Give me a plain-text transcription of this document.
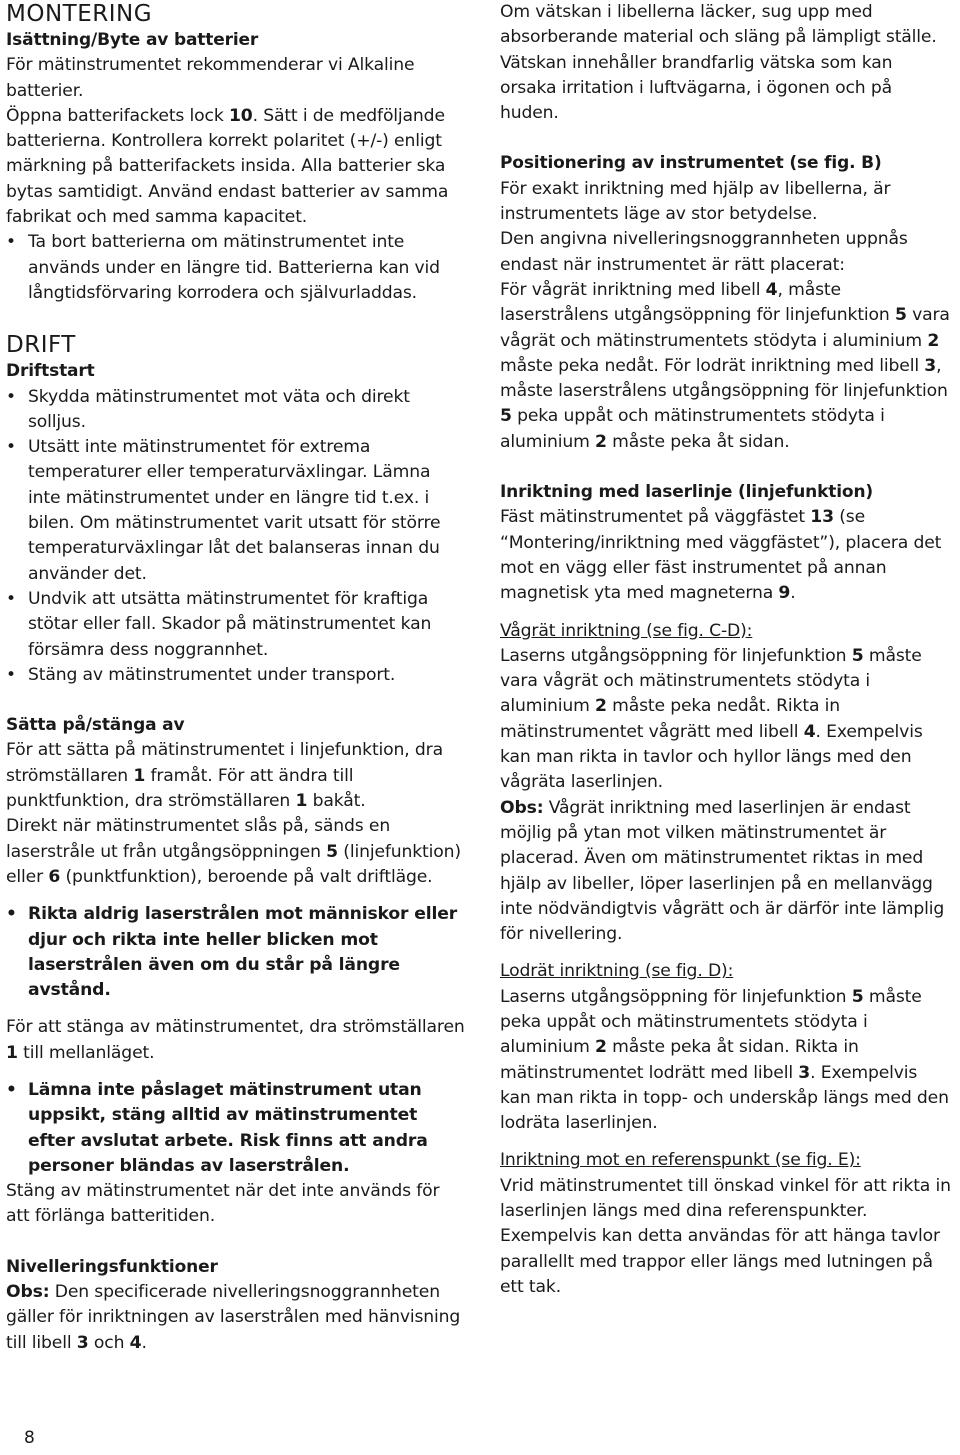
MONTERING
Isättning/Byte av batterier

För mätinstrumentet rekommenderar vi Alkaline batterier.
Öppna batterifackets lock 10. Sätt i de medföljande batterierna. Kontrollera korrekt polaritet (+/-) enligt märkning på batterifackets insida. Alla batterier ska bytas samtidigt. Använd endast batterier av samma fabrikat och med samma kapacitet.

• Ta bort batterierna om mätinstrumentet inte används under en längre tid. Batterierna kan vid långtidsförvaring korrodera och självurladdas.
DRIFT
Driftstart
• Skydda mätinstrumentet mot väta och direkt solljus.
• Utsätt inte mätinstrumentet för extrema temperaturer eller temperaturväxlingar. Lämna inte mätinstrumentet under en längre tid t.ex. i bilen. Om mätinstrumentet varit utsatt för större temperaturväxlingar låt det balanseras innan du använder det.
• Undvik att utsätta mätinstrumentet för kraftiga stötar eller fall. Skador på mätinstrumentet kan försämra dess noggrannhet.
• Stäng av mätinstrumentet under transport.
Sätta på/stänga av

För att sätta på mätinstrumentet i linjefunktion, dra strömställaren 1 framåt. För att ändra till punktfunktion, dra strömställaren 1 bakåt.

Direkt när mätinstrumentet slås på, sänds en laserstråle ut från utgångsöppningen 5 (linjefunktion) eller 6 (punktfunktion), beroende på valt driftläge.

• Rikta aldrig laserstrålen mot människor eller djur och rikta inte heller blicken mot laserstrålen även om du står på längre avstånd.

För att stänga av mätinstrumentet, dra strömställaren 1 till mellanläget.

• Lämna inte påslaget mätinstrument utan uppsikt, stäng alltid av mätinstrumentet efter avslutat arbete. Risk finns att andra personer bländas av laserstrålen.

Stäng av mätinstrumentet när det inte används för att förlänga batteritiden.

Nivelleringsfunktioner

Obs: Den specificerade nivelleringsnoggrannheten gäller för inriktningen av laserstrålen med hänvisning till libell 3 och 4.

Om vätskan i libellerna läcker, sug upp med absorberande material och släng på lämpligt ställe. Vätskan innehåller brandfarlig vätska som kan orsaka irritation i luftvägarna, i ögonen och på huden.

Positionering av instrumentet (se fig. B)

För exakt inriktning med hjälp av libellerna, är instrumentets läge av stor betydelse.

Den angivna nivelleringsnoggrannheten uppnås endast när instrumentet är rätt placerat:

För vågrät inriktning med libell 4, måste laserstrålens utgångsöppning för linjefunktion 5 vara vågrät och mätinstrumentets stödyta i aluminium 2 måste peka nedåt. För lodrät inriktning med libell 3, måste laserstrålens utgångsöppning för linjefunktion 5 peka uppåt och mätinstrumentets stödyta i aluminium 2 måste peka åt sidan.

Inriktning med laserlinje (linjefunktion)

Fäst mätinstrumentet på väggfästet 13 (se “Montering/inriktning med väggfästet”), placera det mot en vägg eller fäst instrumentet på annan magnetisk yta med magneterna 9.

Vågrät inriktning (se fig. C-D):

Laserns utgångsöppning för linjefunktion 5 måste vara vågrät och mätinstrumentets stödyta i aluminium 2 måste peka nedåt. Rikta in mätinstrumentet vågrätt med libell 4. Exempelvis kan man rikta in tavlor och hyllor längs med den vågräta laserlinjen.

Obs: Vågrät inriktning med laserlinjen är endast möjlig på ytan mot vilken mätinstrumentet är placerad. Även om mätinstrumentet riktas in med hjälp av libeller, löper laserlinjen på en mellanvägg inte nödvändigtvis vågrätt och är därför inte lämplig för nivellering.

Lodrät inriktning (se fig. D):

Laserns utgångsöppning för linjefunktion 5 måste peka uppåt och mätinstrumentets stödyta i aluminium 2 måste peka åt sidan. Rikta in mätinstrumentet lodrätt med libell 3. Exempelvis kan man rikta in topp- och underskåp längs med den lodräta laserlinjen.

Inriktning mot en referenspunkt (se fig. E):

Vrid mätinstrumentet till önskad vinkel för att rikta in laserlinjen längs med dina referenspunkter. Exempelvis kan detta användas för att hänga tavlor parallellt med trappor eller längs med lutningen på ett tak.

8
